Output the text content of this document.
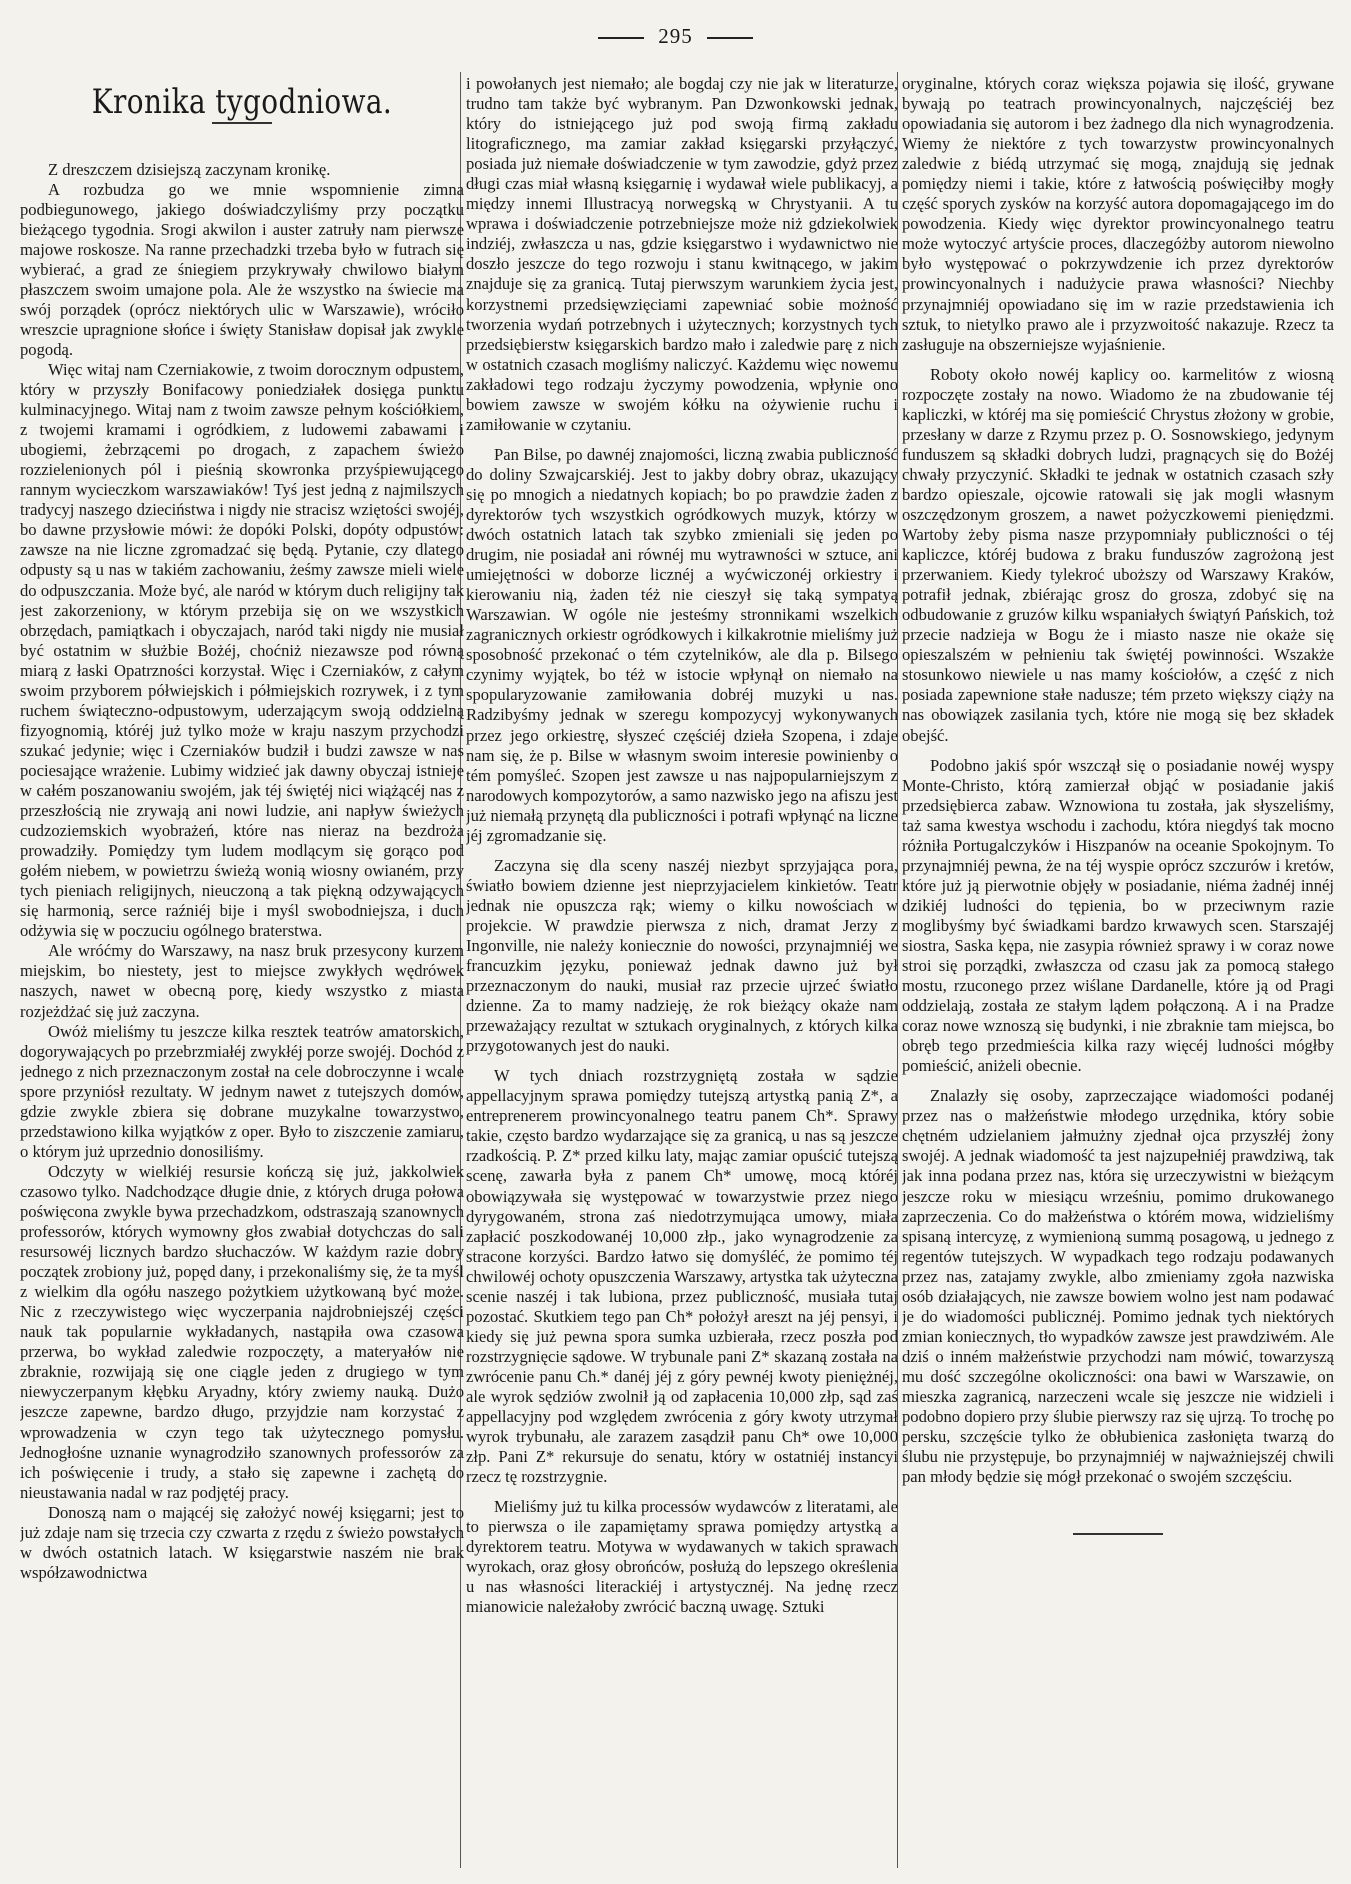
295
Kronika tygodniowa.

Z dreszczem dzisiejszą zaczynam kronikę.

A rozbudza go we mnie wspomnienie zimna podbiegunowego, jakiego doświadczyliśmy przy początku bieżącego tygodnia. Srogi akwilon i auster zatruły nam pierwsze majowe roskosze. Na ranne przechadzki trzeba było w futrach się wybierać, a grad ze śniegiem przykrywały chwilowo białym płaszczem swoim umajone pola. Ale że wszystko na świecie ma swój porządek (oprócz niektórych ulic w Warszawie), wróciło wreszcie upragnione słońce i święty Stanisław dopisał jak zwykle pogodą.

Więc witaj nam Czerniakowie, z twoim dorocznym odpustem, który w przyszły Bonifacowy poniedziałek dosięga punktu kulminacyjnego. Witaj nam z twoim zawsze pełnym kościółkiem, z twojemi kramami i ogródkiem, z ludowemi zabawami i ubogiemi, żebrzącemi po drogach, z zapachem świeżo rozzielenionych pól i pieśnią skowronka przyśpiewującego rannym wycieczkom warszawiaków! Tyś jest jedną z najmilszych tradycyj naszego dzieciństwa i nigdy nie stracisz wziętości swojéj, bo dawne przysłowie mówi: że dopóki Polski, dopóty odpustów: zawsze na nie liczne zgromadzać się będą. Pytanie, czy dlatego odpusty są u nas w takiém zachowaniu, żeśmy zawsze mieli wiele do odpuszczania. Może być, ale naród w którym duch religijny tak jest zakorzeniony, w którym przebija się on we wszystkich obrzędach, pamiątkach i obyczajach, naród taki nigdy nie musiał być ostatnim w służbie Bożéj, choćniż niezawsze pod równą miarą z łaski Opatrzności korzystał. Więc i Czerniaków, z całym swoim przyborem półwiejskich i półmiejskich rozrywek, i z tym ruchem świąteczno-odpustowym, uderzającym swoją oddzielną fizyognomią, któréj już tylko może w kraju naszym przychodzi szukać jedynie; więc i Czerniaków budził i budzi zawsze w nas pociesające wrażenie. Lubimy widzieć jak dawny obyczaj istnieje w całém poszanowaniu swojém, jak téj świętéj nici wiążącéj nas z przeszłością nie zrywają ani nowi ludzie, ani napływ świeżych cudzoziemskich wyobrażeń, które nas nieraz na bezdroża prowadziły. Pomiędzy tym ludem modlącym się gorąco pod gołém niebem, w powietrzu świeżą wonią wiosny owianém, przy tych pieniach religijnych, nieuczoną a tak piękną odzywających się harmonią, serce raźniéj bije i myśl swobodniejsza, i duch odżywia się w poczuciu ogólnego braterstwa.

Ale wróćmy do Warszawy, na nasz bruk przesycony kurzem miejskim, bo niestety, jest to miejsce zwykłych wędrówek naszych, nawet w obecną porę, kiedy wszystko z miasta rozjeżdżać się już zaczyna.

Owóż mieliśmy tu jeszcze kilka resztek teatrów amatorskich, dogorywających po przebrzmiałéj zwykłéj porze swojéj. Dochód z jednego z nich przeznaczonym został na cele dobroczynne i wcale spore przyniósł rezultaty. W jednym nawet z tutejszych domów, gdzie zwykle zbiera się dobrane muzykalne towarzystwo, przedstawiono kilka wyjątków z oper. Było to ziszczenie zamiaru, o którym już uprzednio donosiliśmy.

Odczyty w wielkiéj resursie kończą się już, jakkolwiek czasowo tylko. Nadchodzące długie dnie, z których druga połowa poświęcona zwykle bywa przechadzkom, odstraszają szanownych professorów, których wymowny głos zwabiał dotychczas do sali resursowéj licznych bardzo słuchaczów. W każdym razie dobry początek zrobiony już, popęd dany, i przekonaliśmy się, że ta myśl z wielkim dla ogółu naszego pożytkiem użytkowaną być może. Nic z rzeczywistego więc wyczerpania najdrobniejszéj części nauk tak popularnie wykładanych, nastąpiła owa czasowa przerwa, bo wykład zaledwie rozpoczęty, a materyałów nie zbraknie, rozwijają się one ciągle jeden z drugiego w tym niewyczerpanym kłębku Aryadny, który zwiemy nauką. Dużo jeszcze zapewne, bardzo długo, przyjdzie nam korzystać z wprowadzenia w czyn tego tak użytecznego pomysłu. Jednogłośne uznanie wynagrodziło szanownych professorów za ich poświęcenie i trudy, a stało się zapewne i zachętą do nieustawania nadal w raz podjętéj pracy.

Donoszą nam o mającéj się założyć nowéj księgarni; jest to już zdaje nam się trzecia czy czwarta z rzędu z świeżo powstałych w dwóch ostatnich latach. W księgarstwie naszém nie brak współzawodnictwa

i powołanych jest niemało; ale bogdaj czy nie jak w literaturze, trudno tam także być wybranym. Pan Dzwonkowski jednak, który do istniejącego już pod swoją firmą zakładu litograficznego, ma zamiar zakład księgarski przyłączyć, posiada już niemałe doświadczenie w tym zawodzie, gdyż przez długi czas miał własną księgarnię i wydawał wiele publikacyj, a między innemi Illustracyą norwegską w Chrystyanii. A tu wprawa i doświadczenie potrzebniejsze może niż gdziekolwiek indziéj, zwłaszcza u nas, gdzie księgarstwo i wydawnictwo nie doszło jeszcze do tego rozwoju i stanu kwitnącego, w jakim znajduje się za granicą. Tutaj pierwszym warunkiem życia jest, korzystnemi przedsięwzięciami zapewniać sobie możność tworzenia wydań potrzebnych i użytecznych; korzystnych tych przedsiębierstw księgarskich bardzo mało i zaledwie parę z nich w ostatnich czasach mogliśmy naliczyć. Każdemu więc nowemu zakładowi tego rodzaju życzymy powodzenia, wpłynie ono bowiem zawsze w swojém kółku na ożywienie ruchu i zamiłowanie w czytaniu.

Pan Bilse, po dawnéj znajomości, liczną zwabia publiczność do doliny Szwajcarskiéj. Jest to jakby dobry obraz, ukazujący się po mnogich a niedatnych kopiach; bo po prawdzie żaden z dyrektorów tych wszystkich ogródkowych muzyk, którzy w dwóch ostatnich latach tak szybko zmieniali się jeden po drugim, nie posiadał ani równéj mu wytrawności w sztuce, ani umiejętności w doborze licznéj a wyćwiczonéj orkiestry i kierowaniu nią, żaden téż nie cieszył się taką sympatyą Warszawian. W ogóle nie jesteśmy stronnikami wszelkich zagranicznych orkiestr ogródkowych i kilkakrotnie mieliśmy już sposobność przekonać o tém czytelników, ale dla p. Bilsego czynimy wyjątek, bo téż w istocie wpłynął on niemało na spopularyzowanie zamiłowania dobréj muzyki u nas. Radzibyśmy jednak w szeregu kompozycyj wykonywanych przez jego orkiestrę, słyszeć częściéj dzieła Szopena, i zdaje nam się, że p. Bilse w własnym swoim interesie powinienby o tém pomyśleć. Szopen jest zawsze u nas najpopularniejszym z narodowych kompozytorów, a samo nazwisko jego na afiszu jest już niemałą przynętą dla publiczności i potrafi wpłynąć na liczne jéj zgromadzanie się.

Zaczyna się dla sceny naszéj niezbyt sprzyjająca pora, światło bowiem dzienne jest nieprzyjacielem kinkietów. Teatr jednak nie opuszcza rąk; wiemy o kilku nowościach w projekcie. W prawdzie pierwsza z nich, dramat Jerzy z Ingonville, nie należy koniecznie do nowości, przynajmniéj we francuzkim języku, ponieważ jednak dawno już był przeznaczonym do nauki, musiał raz przecie ujrzeć światło dzienne. Za to mamy nadzieję, że rok bieżący okaże nam przeważający rezultat w sztukach oryginalnych, z których kilka przygotowanych jest do nauki.

W tych dniach rozstrzygniętą została w sądzie appellacyjnym sprawa pomiędzy tutejszą artystką panią Z*, a entreprenerem prowincyonalnego teatru panem Ch*. Sprawy takie, często bardzo wydarzające się za granicą, u nas są jeszcze rzadkością. P. Z* przed kilku laty, mając zamiar opuścić tutejszą scenę, zawarła była z panem Ch* umowę, mocą któréj obowiązywała się występować w towarzystwie przez niego dyrygowaném, strona zaś niedotrzymująca umowy, miała zapłacić poszkodowanéj 10,000 złp., jako wynagrodzenie za stracone korzyści. Bardzo łatwo się domyśléć, że pomimo téj chwilowéj ochoty opuszczenia Warszawy, artystka tak użyteczna scenie naszéj i tak lubiona, przez publiczność, musiała tutaj pozostać. Skutkiem tego pan Ch* położył areszt na jéj pensyi, i kiedy się już pewna spora sumka uzbierała, rzecz poszła pod rozstrzygnięcie sądowe. W trybunale pani Z* skazaną została na zwrócenie panu Ch.* danéj jéj z góry pewnéj kwoty pieniężnéj, ale wyrok sędziów zwolnił ją od zapłacenia 10,000 złp, sąd zaś appellacyjny pod względem zwrócenia z góry kwoty utrzymał wyrok trybunału, ale zarazem zasądził panu Ch* owe 10,000 złp. Pani Z* rekursuje do senatu, który w ostatniéj instancyi rzecz tę rozstrzygnie.

Mieliśmy już tu kilka processów wydawców z literatami, ale to pierwsza o ile zapamiętamy sprawa pomiędzy artystką a dyrektorem teatru. Motywa w wydawanych w takich sprawach wyrokach, oraz głosy obrońców, posłużą do lepszego określenia u nas własności literackiéj i artystycznéj. Na jednę rzecz mianowicie należałoby zwrócić baczną uwagę. Sztuki

oryginalne, których coraz większa pojawia się ilość, grywane bywają po teatrach prowincyonalnych, najczęściéj bez opowiadania się autorom i bez żadnego dla nich wynagrodzenia. Wiemy że niektóre z tych towarzystw prowincyonalnych zaledwie z biédą utrzymać się mogą, znajdują się jednak pomiędzy niemi i takie, które z łatwością poświęciłby mogły część sporych zysków na korzyść autora dopomagającego im do powodzenia. Kiedy więc dyrektor prowincyonalnego teatru może wytoczyć artyście proces, dlaczegóżby autorom niewolno było występować o pokrzywdzenie ich przez dyrektorów prowincyonalnych i nadużycie prawa własności? Niechby przynajmniéj opowiadano się im w razie przedstawienia ich sztuk, to nietylko prawo ale i przyzwoitość nakazuje. Rzecz ta zasługuje na obszerniejsze wyjaśnienie.

Roboty około nowéj kaplicy oo. karmelitów z wiosną rozpoczęte zostały na nowo. Wiadomo że na zbudowanie téj kapliczki, w któréj ma się pomieścić Chrystus złożony w grobie, przesłany w darze z Rzymu przez p. O. Sosnowskiego, jedynym funduszem są składki dobrych ludzi, pragnących się do Bożéj chwały przyczynić. Składki te jednak w ostatnich czasach szły bardzo opieszale, ojcowie ratowali się jak mogli własnym oszczędzonym groszem, a nawet pożyczkowemi pieniędzmi. Wartoby żeby pisma nasze przypomniały publiczności o téj kapliczce, któréj budowa z braku funduszów zagrożoną jest przerwaniem. Kiedy tylekroć uboższy od Warszawy Kraków, potrafił jednak, zbiérając grosz do grosza, zdobyć się na odbudowanie z gruzów kilku wspaniałych świątyń Pańskich, toż przecie nadzieja w Bogu że i miasto nasze nie okaże się opieszalszém w pełnieniu tak świętéj powinności. Wszakże stosunkowo niewiele u nas mamy kościołów, a część z nich posiada zapewnione stałe nadusze; tém przeto większy ciąży na nas obowiązek zasilania tych, które nie mogą się bez składek obejść.

Podobno jakiś spór wszczął się o posiadanie nowéj wyspy Monte-Christo, którą zamierzał objąć w posiadanie jakiś przedsiębierca zabaw. Wznowiona tu została, jak słyszeliśmy, taż sama kwestya wschodu i zachodu, która niegdyś tak mocno różniła Portugalczyków i Hiszpanów na oceanie Spokojnym. To przynajmniéj pewna, że na téj wyspie oprócz szczurów i kretów, które już ją pierwotnie objęły w posiadanie, niéma żadnéj innéj dzikiéj ludności do tępienia, bo w przeciwnym razie moglibyśmy być świadkami bardzo krwawych scen. Starszajéj siostra, Saska kępa, nie zasypia również sprawy i w coraz nowe stroi się porządki, zwłaszcza od czasu jak za pomocą stałego mostu, rzuconego przez wiślane Dardanelle, które ją od Pragi oddzielają, została ze stałym lądem połączoną. A i na Pradze coraz nowe wznoszą się budynki, i nie zbraknie tam miejsca, bo obręb tego przedmieścia kilka razy więcéj ludności mógłby pomieścić, aniżeli obecnie.

Znalazły się osoby, zaprzeczające wiadomości podanéj przez nas o małżeństwie młodego urzędnika, który sobie chętném udzielaniem jałmużny zjednał ojca przyszłéj żony swojéj. A jednak wiadomość ta jest najzupełniéj prawdziwą, tak jak inna podana przez nas, która się urzeczywistni w bieżącym jeszcze roku w miesiącu wrześniu, pomimo drukowanego zaprzeczenia. Co do małżeństwa o którém mowa, widzieliśmy spisaną intercyzę, z wymienioną summą posagową, u jednego z regentów tutejszych. W wypadkach tego rodzaju podawanych przez nas, zatajamy zwykle, albo zmieniamy zgoła nazwiska osób działających, nie zawsze bowiem wolno jest nam podawać je do wiadomości publicznéj. Pomimo jednak tych niektórych zmian koniecznych, tło wypadków zawsze jest prawdziwém. Ale dziś o inném małżeństwie przychodzi nam mówić, towarzyszą mu dość szczególne okoliczności: ona bawi w Warszawie, on mieszka zagranicą, narzeczeni wcale się jeszcze nie widzieli i podobno dopiero przy ślubie pierwszy raz się ujrzą. To trochę po persku, szczęście tylko że obłubienica zasłonięta twarzą do ślubu nie przystępuje, bo przynajmniéj w najważniejszéj chwili pan młody będzie się mógł przekonać o swojém szczęściu.
